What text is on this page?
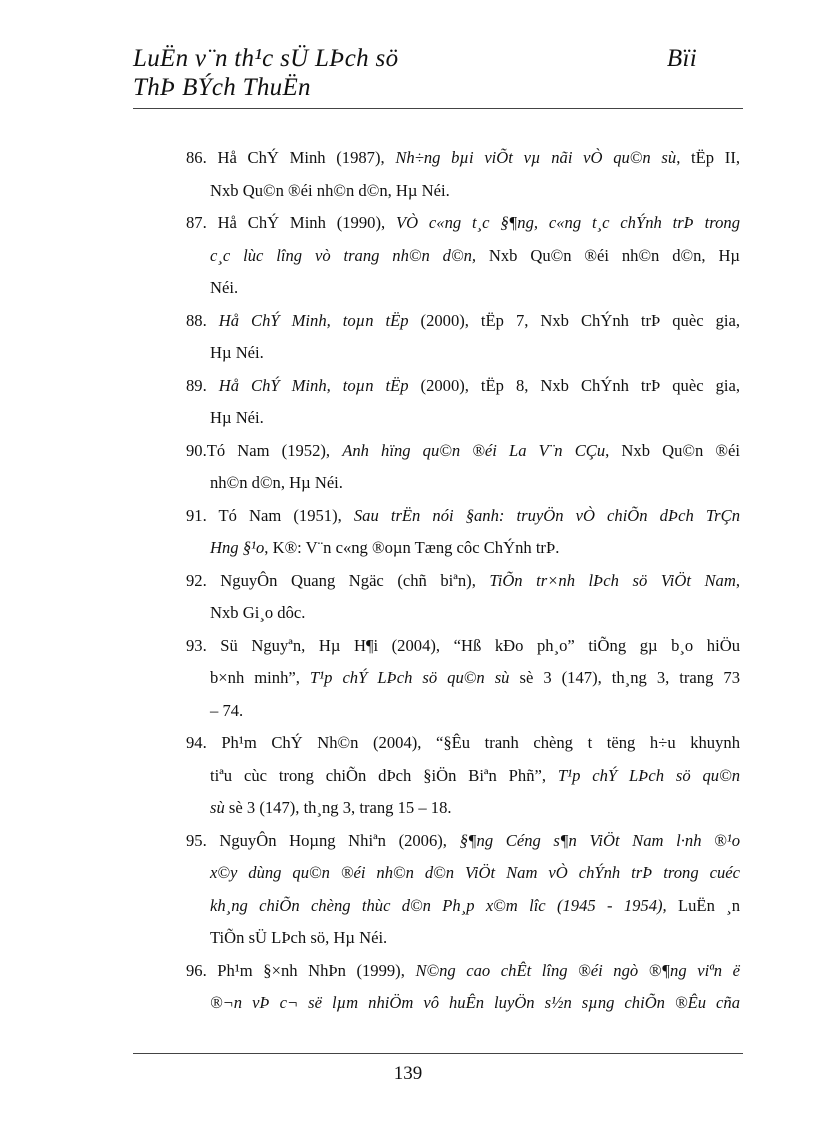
LuËn v¨n th¹c sÜ LÞch sö	Bïi
ThÞ BÝch ThuËn
86. Hå ChÝ Minh (1987), Nh÷ng bµi viÕt vµ nãi vÒ qu©n sù, tËp II,
Nxb Qu©n ®éi nh©n d©n, Hµ Néi.
87. Hå ChÝ Minh (1990), VÒ c«ng t¸c §¶ng, c«ng t¸c chÝnh trÞ trong
c¸c lùc lîng vò trang nh©n d©n, Nxb Qu©n ®éi nh©n d©n, Hµ
Néi.
88. Hå ChÝ Minh, toµn tËp (2000), tËp 7, Nxb ChÝnh trÞ quèc gia,
Hµ Néi.
89. Hå ChÝ Minh, toµn tËp (2000), tËp 8, Nxb ChÝnh trÞ quèc gia,
Hµ Néi.
90.Tó Nam (1952), Anh hïng qu©n ®éi La V¨n CÇu, Nxb Qu©n ®éi
nh©n d©n, Hµ Néi.
91. Tó Nam (1951), Sau trËn nói §anh: truyÖn vÒ chiÕn dÞch TrÇn
Hng §¹o, K®: V¨n c«ng ®oµn Tæng côc ChÝnh trÞ.
92. NguyÔn Quang Ngäc (chñ biªn), TiÕn tr×nh lÞch sö ViÖt Nam,
Nxb Gi¸o dôc.
93. Sü Nguyªn, Hµ H¶i (2004), “Hß kÐo ph¸o” tiÕng gµ b¸o hiÖu
b×nh minh”, T¹p chÝ LÞch sö qu©n sù sè 3 (147), th¸ng 3, trang 73
– 74.
94. Ph¹m ChÝ Nh©n (2004), “§Êu tranh chèng t tëng h÷u khuynh
tiªu cùc trong chiÕn dÞch §iÖn Biªn Phñ”, T¹p chÝ LÞch sö qu©n
sù sè 3 (147), th¸ng 3, trang 15 – 18.
95. NguyÔn Hoµng Nhiªn (2006), §¶ng Céng s¶n ViÖt Nam l·nh ®¹o
x©y dùng qu©n ®éi nh©n d©n ViÖt Nam vÒ chÝnh trÞ trong cuéc
kh¸ng chiÕn chèng thùc d©n Ph¸p x©m lîc (1945 - 1954), LuËn ¸n
TiÕn sÜ LÞch sö, Hµ Néi.
96. Ph¹m §×nh NhÞn (1999), N©ng cao chÊt lîng ®éi ngò ®¶ng viªn ë
®¬n vÞ c¬ së lµm nhiÖm vô huÊn luyÖn s½n sµng chiÕn ®Êu cña
139
